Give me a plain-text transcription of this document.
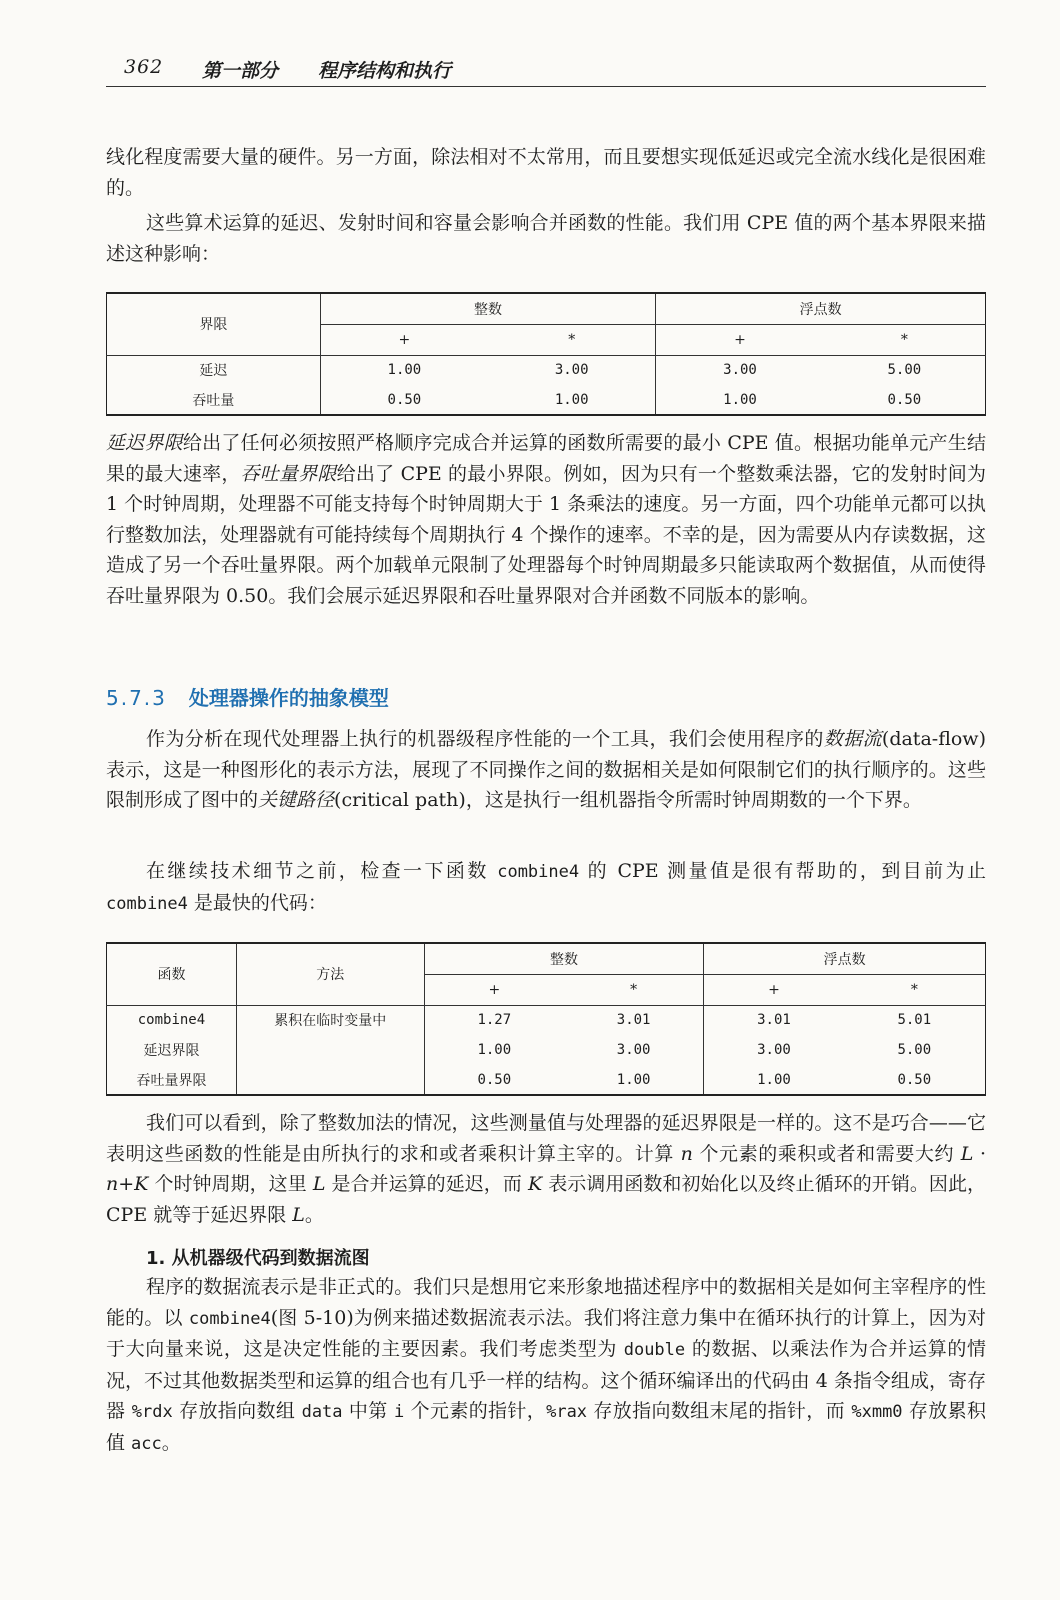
362 第一部分 程序结构和执行

线化程度需要大量的硬件。另一方面，除法相对不太常用，而且要想实现低延迟或完全流水线化是很困难的。

这些算术运算的延迟、发射时间和容量会影响合并函数的性能。我们用 CPE 值的两个基本界限来描述这种影响：

界限	整数		浮点数	
	+	*	+	*
延迟	1.00	3.00	3.00	5.00
吞吐量	0.50	1.00	1.00	0.50

延迟界限给出了任何必须按照严格顺序完成合并运算的函数所需要的最小 CPE 值。根据功能单元产生结果的最大速率，吞吐量界限给出了 CPE 的最小界限。例如，因为只有一个整数乘法器，它的发射时间为 1 个时钟周期，处理器不可能支持每个时钟周期大于 1 条乘法的速度。另一方面，四个功能单元都可以执行整数加法，处理器就有可能持续每个周期执行 4 个操作的速率。不幸的是，因为需要从内存读数据，这造成了另一个吞吐量界限。两个加载单元限制了处理器每个时钟周期最多只能读取两个数据值，从而使得吞吐量界限为 0.50。我们会展示延迟界限和吞吐量界限对合并函数不同版本的影响。

5.7.3 处理器操作的抽象模型

作为分析在现代处理器上执行的机器级程序性能的一个工具，我们会使用程序的数据流(data-flow)表示，这是一种图形化的表示方法，展现了不同操作之间的数据相关是如何限制它们的执行顺序的。这些限制形成了图中的关键路径(critical path)，这是执行一组机器指令所需时钟周期数的一个下界。

在继续技术细节之前，检查一下函数 combine4 的 CPE 测量值是很有帮助的，到目前为止 combine4 是最快的代码：

函数	方法	整数		浮点数	
		+	*	+	*
combine4	累积在临时变量中	1.27	3.01	3.01	5.01
延迟界限		1.00	3.00	3.00	5.00
吞吐量界限		0.50	1.00	1.00	0.50

我们可以看到，除了整数加法的情况，这些测量值与处理器的延迟界限是一样的。这不是巧合——它表明这些函数的性能是由所执行的求和或者乘积计算主宰的。计算 n 个元素的乘积或者和需要大约 L · n+K 个时钟周期，这里 L 是合并运算的延迟，而 K 表示调用函数和初始化以及终止循环的开销。因此，CPE 就等于延迟界限 L。

1. 从机器级代码到数据流图

程序的数据流表示是非正式的。我们只是想用它来形象地描述程序中的数据相关是如何主宰程序的性能的。以 combine4(图 5-10)为例来描述数据流表示法。我们将注意力集中在循环执行的计算上，因为对于大向量来说，这是决定性能的主要因素。我们考虑类型为 double 的数据、以乘法作为合并运算的情况，不过其他数据类型和运算的组合也有几乎一样的结构。这个循环编译出的代码由 4 条指令组成，寄存器 %rdx 存放指向数组 data 中第 i 个元素的指针，%rax 存放指向数组末尾的指针，而 %xmm0 存放累积值 acc。
